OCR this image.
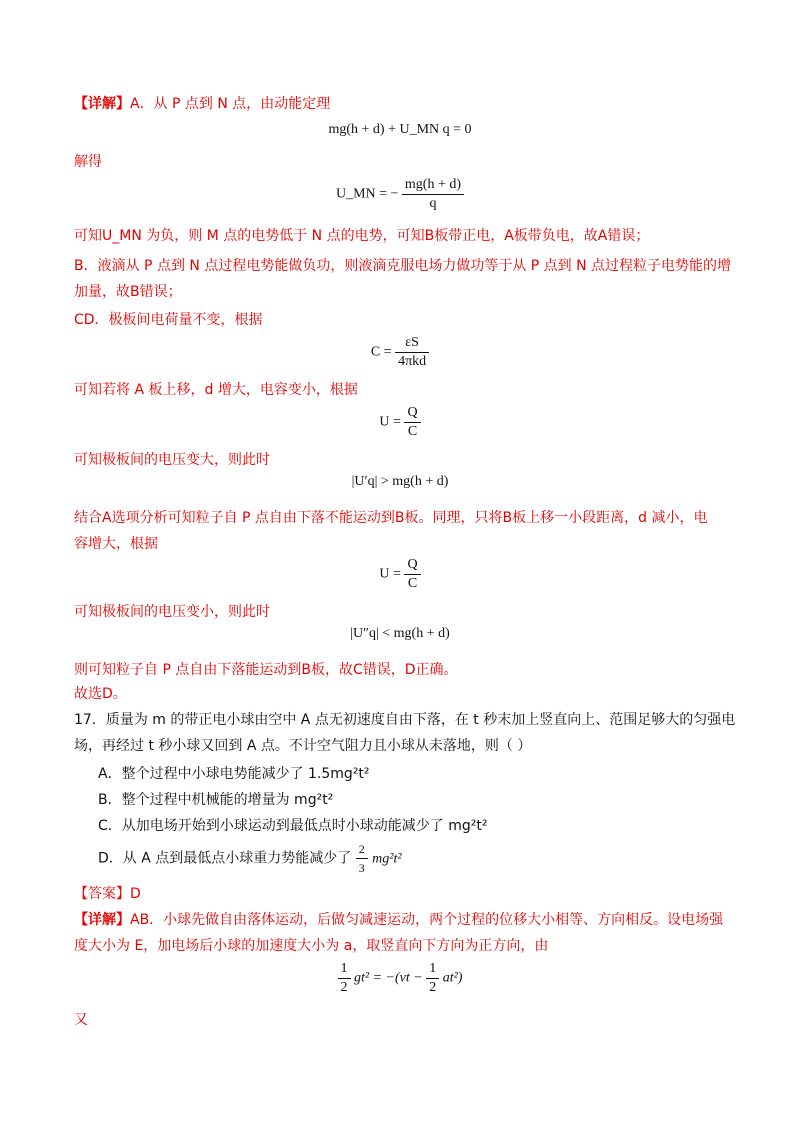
【详解】A．从 P 点到 N 点，由动能定理
mg(h + d) + U_MN q = 0
解得
U_MN = − $\frac{mg(h + d)}{q}$
可知U_MN 为负，则 M 点的电势低于 N 点的电势，可知B板带正电，A板带负电，故A错误；
B．液滴从 P 点到 N 点过程电势能做负功，则液滴克服电场力做功等于从 P 点到 N 点过程粒子电势能的增
加量，故B错误；
CD．极板间电荷量不变，根据
$C = \frac{\varepsilon S}{\text{4πkd}}$
可知若将 A 板上移，d 增大，电容变小，根据
$U = \frac{Q}{C}$
可知极板间的电压变大，则此时
|U′q| > mg(h + d)
结合A选项分析可知粒子自 P 点自由下落不能运动到B板。同理，只将B板上移一小段距离，d 减小，电
容增大，根据
$U = \frac{Q}{C}$
可知极板间的电压变小，则此时
|U″q| < mg(h + d)
则可知粒子自 P 点自由下落能运动到B板，故C错误，D正确。
故选D。
17．质量为 m 的带正电小球由空中 A 点无初速度自由下落，在 t 秒末加上竖直向上、范围足够大的匀强电
场，再经过 t 秒小球又回到 A 点。不计空气阻力且小球从未落地，则（ ）
A．整个过程中小球电势能减少了 1.5mg²t²
B．整个过程中机械能的增量为 mg²t²
C．从加电场开始到小球运动到最低点时小球动能减少了 mg²t²
D．从 A 点到最低点小球重力势能减少了 $\frac{2}{3} mg^2t^2$
【答案】D
【详解】AB．小球先做自由落体运动，后做匀减速运动，两个过程的位移大小相等、方向相反。设电场强
度大小为 E，加电场后小球的加速度大小为 a，取竖直向下方向为正方向，由
$\frac{1}{2} gt^2 = -(vt - \frac{1}{2} at^2)$
又
